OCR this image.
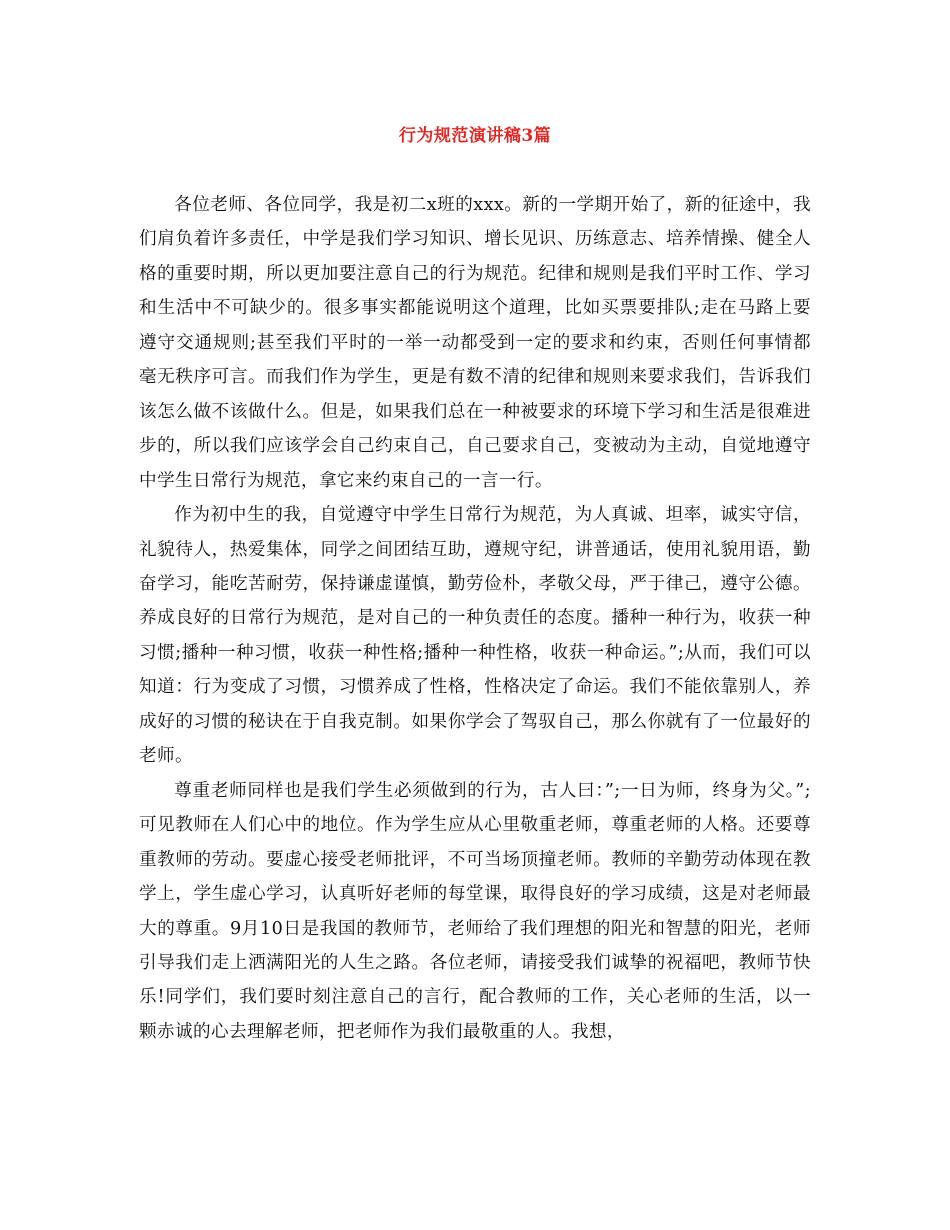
行为规范演讲稿3篇

各位老师、各位同学，我是初二x班的xxx。新的一学期开始了，新的征途中，我们肩负着许多责任，中学是我们学习知识、增长见识、历练意志、培养情操、健全人格的重要时期，所以更加要注意自己的行为规范。纪律和规则是我们平时工作、学习和生活中不可缺少的。很多事实都能说明这个道理，比如买票要排队;走在马路上要遵守交通规则;甚至我们平时的一举一动都受到一定的要求和约束，否则任何事情都毫无秩序可言。而我们作为学生，更是有数不清的纪律和规则来要求我们，告诉我们该怎么做不该做什么。但是，如果我们总在一种被要求的环境下学习和生活是很难进步的，所以我们应该学会自己约束自己，自己要求自己，变被动为主动，自觉地遵守中学生日常行为规范，拿它来约束自己的一言一行。

作为初中生的我，自觉遵守中学生日常行为规范，为人真诚、坦率，诚实守信，礼貌待人，热爱集体，同学之间团结互助，遵规守纪，讲普通话，使用礼貌用语，勤奋学习，能吃苦耐劳，保持谦虚谨慎，勤劳俭朴，孝敬父母，严于律己，遵守公德。养成良好的日常行为规范，是对自己的一种负责任的态度。播种一种行为，收获一种习惯;播种一种习惯，收获一种性格;播种一种性格，收获一种命运。”;从而，我们可以知道：行为变成了习惯，习惯养成了性格，性格决定了命运。我们不能依靠别人，养成好的习惯的秘诀在于自我克制。如果你学会了驾驭自己，那么你就有了一位最好的老师。

尊重老师同样也是我们学生必须做到的行为，古人曰：”;一日为师，终身为父。”;可见教师在人们心中的地位。作为学生应从心里敬重老师，尊重老师的人格。还要尊重教师的劳动。要虚心接受老师批评，不可当场顶撞老师。教师的辛勤劳动体现在教学上，学生虚心学习，认真听好老师的每堂课，取得良好的学习成绩，这是对老师最大的尊重。9月10日是我国的教师节，老师给了我们理想的阳光和智慧的阳光，老师引导我们走上洒满阳光的人生之路。各位老师，请接受我们诚挚的祝福吧，教师节快乐!同学们，我们要时刻注意自己的言行，配合教师的工作，关心老师的生活，以一颗赤诚的心去理解老师，把老师作为我们最敬重的人。我想，
